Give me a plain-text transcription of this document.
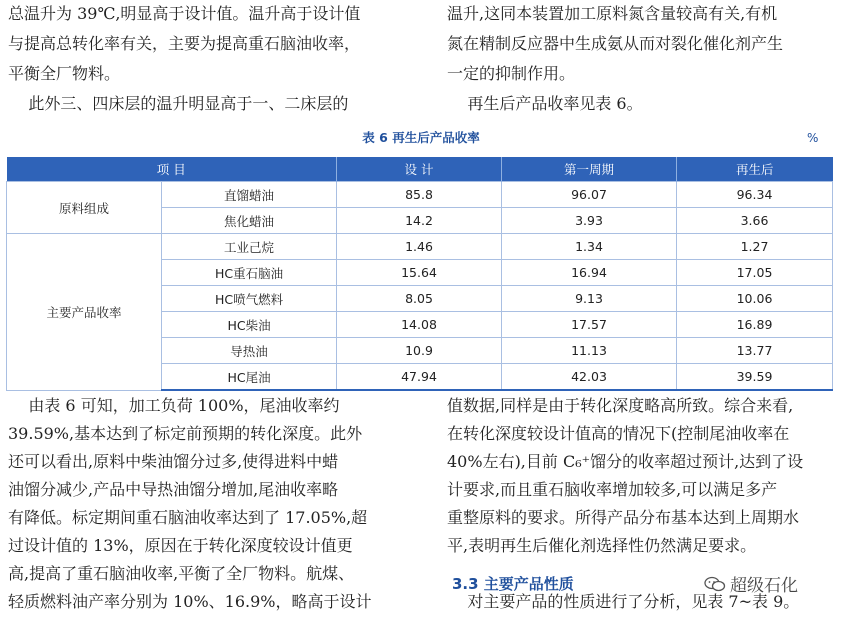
总温升为 39℃,明显高于设计值。温升高于设计值

与提高总转化率有关，主要为提高重石脑油收率，

平衡全厂物料。

此外三、四床层的温升明显高于一、二床层的

温升,这同本装置加工原料氮含量较高有关,有机

氮在精制反应器中生成氨从而对裂化催化剂产生

一定的抑制作用。

再生后产品收率见表 6。

表 6 再生后产品收率	%
项 目		设 计	第一周期	再生后
原料组成	直馏蜡油	85.8	96.07	96.34
	焦化蜡油	14.2	3.93	3.66
主要产品收率	工业己烷	1.46	1.34	1.27
	HC重石脑油	15.64	16.94	17.05
	HC喷气燃料	8.05	9.13	10.06
	HC柴油	14.08	17.57	16.89
	导热油	10.9	11.13	13.77
	HC尾油	47.94	42.03	39.59

由表 6 可知，加工负荷 100%，尾油收率约

39.59%,基本达到了标定前预期的转化深度。此外

还可以看出,原料中柴油馏分过多,使得进料中蜡

油馏分减少,产品中导热油馏分增加,尾油收率略

有降低。标定期间重石脑油收率达到了 17.05%,超

过设计值的 13%，原因在于转化深度较设计值更

高,提高了重石脑油收率,平衡了全厂物料。航煤、

轻质燃料油产率分别为 10%、16.9%，略高于设计

值数据,同样是由于转化深度略高所致。综合来看,

在转化深度较设计值高的情况下(控制尾油收率在

40%左右),目前 C₆⁺馏分的收率超过预计,达到了设

计要求,而且重石脑收率增加较多,可以满足多产

重整原料的要求。所得产品分布基本达到上周期水

平,表明再生后催化剂选择性仍然满足要求。

3.3 主要产品性质

对主要产品的性质进行了分析，见表 7~表 9。

超级石化
